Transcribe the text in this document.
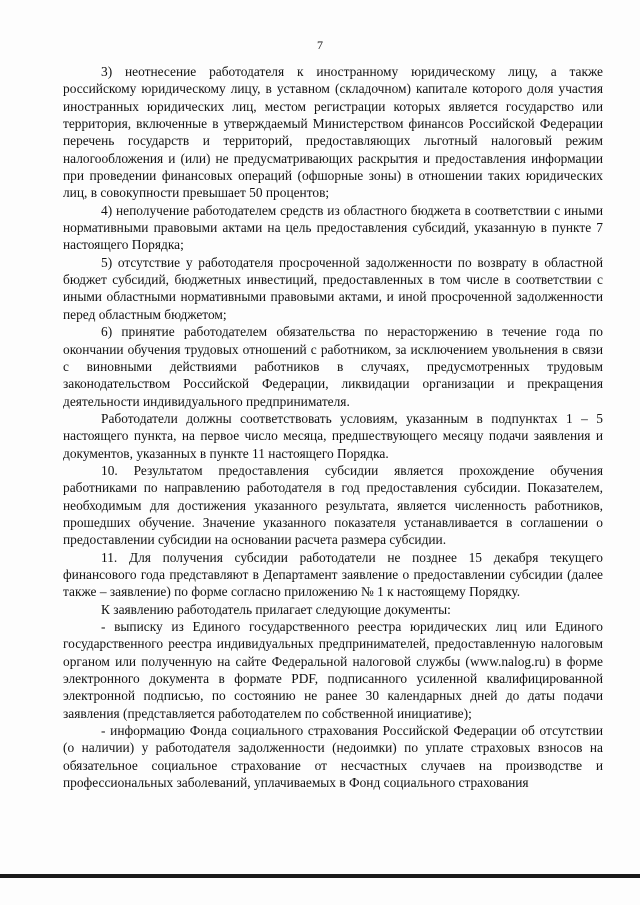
7

3) неотнесение работодателя к иностранному юридическому лицу, а также российскому юридическому лицу, в уставном (складочном) капитале которого доля участия иностранных юридических лиц, местом регистрации которых является государство или территория, включенные в утверждаемый Министерством финансов Российской Федерации перечень государств и территорий, предоставляющих льготный налоговый режим налогообложения и (или) не предусматривающих раскрытия и предоставления информации при проведении финансовых операций (офшорные зоны) в отношении таких юридических лиц, в совокупности превышает 50 процентов;

4) неполучение работодателем средств из областного бюджета в соответствии с иными нормативными правовыми актами на цель предоставления субсидий, указанную в пункте 7 настоящего Порядка;

5) отсутствие у работодателя просроченной задолженности по возврату в областной бюджет субсидий, бюджетных инвестиций, предоставленных в том числе в соответствии с иными областными нормативными правовыми актами, и иной просроченной задолженности перед областным бюджетом;

6) принятие работодателем обязательства по нерасторжению в течение года по окончании обучения трудовых отношений с работником, за исключением увольнения в связи с виновными действиями работников в случаях, предусмотренных трудовым законодательством Российской Федерации, ликвидации организации и прекращения деятельности индивидуального предпринимателя.

Работодатели должны соответствовать условиям, указанным в подпунктах 1 – 5 настоящего пункта, на первое число месяца, предшествующего месяцу подачи заявления и документов, указанных в пункте 11 настоящего Порядка.

10. Результатом предоставления субсидии является прохождение обучения работниками по направлению работодателя в год предоставления субсидии. Показателем, необходимым для достижения указанного результата, является численность работников, прошедших обучение. Значение указанного показателя устанавливается в соглашении о предоставлении субсидии на основании расчета размера субсидии.

11. Для получения субсидии работодатели не позднее 15 декабря текущего финансового года представляют в Департамент заявление о предоставлении субсидии (далее также – заявление) по форме согласно приложению № 1 к настоящему Порядку.

К заявлению работодатель прилагает следующие документы:

- выписку из Единого государственного реестра юридических лиц или Единого государственного реестра индивидуальных предпринимателей, предоставленную налоговым органом или полученную на сайте Федеральной налоговой службы (www.nalog.ru) в форме электронного документа в формате PDF, подписанного усиленной квалифицированной электронной подписью, по состоянию не ранее 30 календарных дней до даты подачи заявления (представляется работодателем по собственной инициативе);

- информацию Фонда социального страхования Российской Федерации об отсутствии (о наличии) у работодателя задолженности (недоимки) по уплате страховых взносов на обязательное социальное страхование от несчастных случаев на производстве и профессиональных заболеваний, уплачиваемых в Фонд социального страхования
